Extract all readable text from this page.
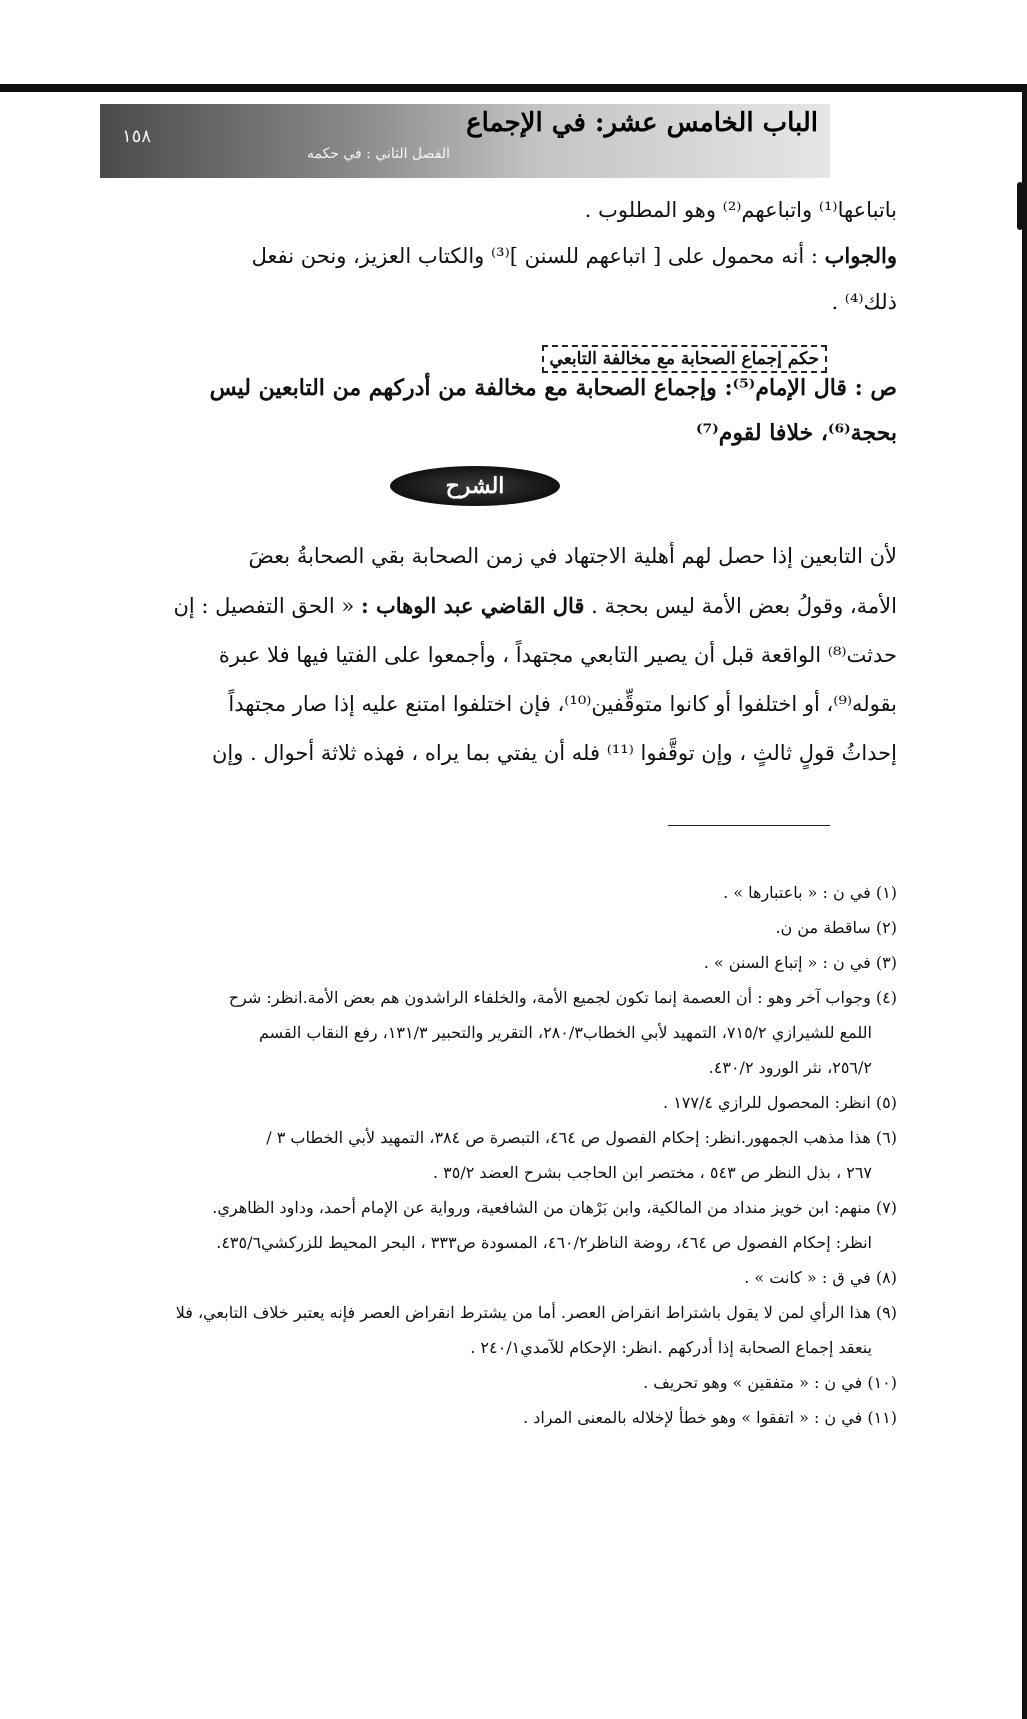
١٥٨
الفصل الثاني : في حكمه
الباب الخامس عشر: في الإجماع
باتباعها⁽¹⁾ واتباعهم⁽²⁾ وهو المطلوب .
والجواب : أنه محمول على [ اتباعهم للسنن ]⁽³⁾ والكتاب العزيز، ونحن نفعل
ذلك⁽⁴⁾ .
حكم إجماع الصحابة مع مخالفة التابعي
ص : قال الإمام⁽⁵⁾: وإجماع الصحابة مع مخالفة من أدركهم من التابعين ليس
بحجة⁽⁶⁾، خلافا لقوم⁽⁷⁾
الشرح
لأن التابعين إذا حصل لهم أهلية الاجتهاد في زمن الصحابة بقي الصحابةُ بعضَ
الأمة، وقولُ بعض الأمة ليس بحجة . قال القاضي عبد الوهاب : « الحق التفصيل : إن
حدثت⁽⁸⁾ الواقعة قبل أن يصير التابعي مجتهداً ، وأجمعوا على الفتيا فيها فلا عبرة
بقوله⁽⁹⁾، أو اختلفوا أو كانوا متوقِّفين⁽¹⁰⁾، فإن اختلفوا امتنع عليه إذا صار مجتهداً
إحداثُ قولٍ ثالثٍ ، وإن توقَّفوا ⁽¹¹⁾ فله أن يفتي بما يراه ، فهذه ثلاثة أحوال . وإن
(١) في ن : « باعتبارها » .
(٢) ساقطة من ن.
(٣) في ن : « إتباع السنن » .
(٤) وجواب آخر وهو : أن العصمة إنما تكون لجميع الأمة، والخلفاء الراشدون هم بعض الأمة.انظر: شرح
اللمع للشيرازي ٧١٥/٢، التمهيد لأبي الخطاب٢٨٠/٣، التقرير والتحبير ١٣١/٣، رفع النقاب القسم
٢٥٦/٢، نثر الورود ٤٣٠/٢.
(٥) انظر: المحصول للرازي ١٧٧/٤ .
(٦) هذا مذهب الجمهور.انظر: إحكام الفصول ص ٤٦٤، التبصرة ص ٣٨٤، التمهيد لأبي الخطاب ٣ /
٢٦٧ ، بذل النظر ص ٥٤٣ ، مختصر ابن الحاجب بشرح العضد ٣٥/٢ .
(٧) منهم: ابن خويز منداد من المالكية، وابن بَرْهان من الشافعية، ورواية عن الإمام أحمد، وداود الظاهري.
انظر: إحكام الفصول ص ٤٦٤، روضة الناظر٤٦٠/٢، المسودة ص٣٣٣ ، البحر المحيط للزركشي٤٣٥/٦.
(٨) في ق : « كانت » .
(٩) هذا الرأي لمن لا يقول باشتراط انقراض العصر. أما من يشترط انقراض العصر فإنه يعتبر خلاف التابعي، فلا
ينعقد إجماع الصحابة إذا أدركهم .انظر: الإحكام للآمدي٢٤٠/١ .
(١٠) في ن : « متفقين » وهو تحريف .
(١١) في ن : « اتفقوا » وهو خطأ لإخلاله بالمعنى المراد .
